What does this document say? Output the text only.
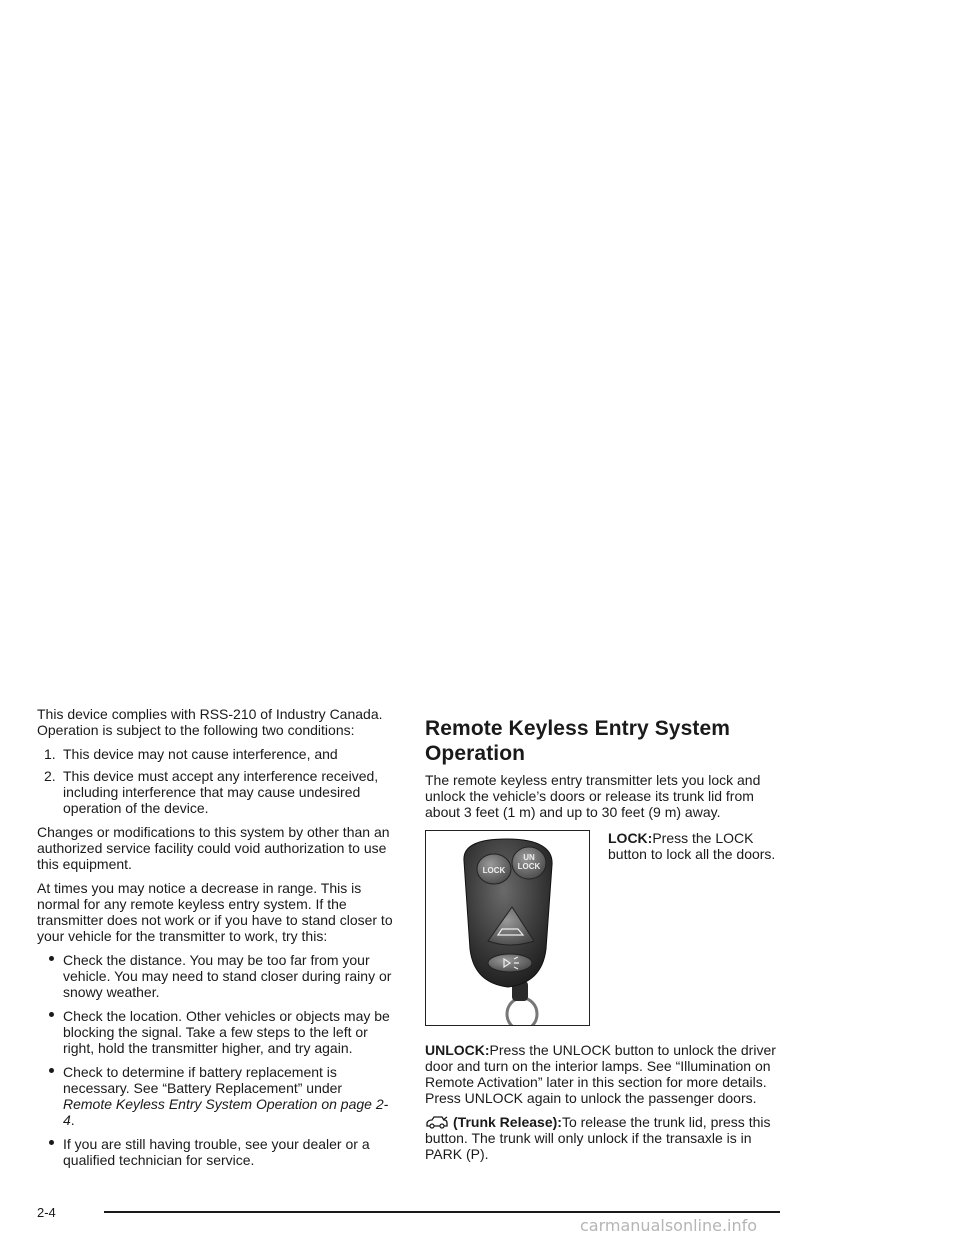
This device complies with RSS-210 of Industry Canada. Operation is subject to the following two conditions:

1. This device may not cause interference, and
2. This device must accept any interference received, including interference that may cause undesired operation of the device.

Changes or modifications to this system by other than an authorized service facility could void authorization to use this equipment.

At times you may notice a decrease in range. This is normal for any remote keyless entry system. If the transmitter does not work or if you have to stand closer to your vehicle for the transmitter to work, try this:

Check the distance. You may be too far from your vehicle. You may need to stand closer during rainy or snowy weather.
Check the location. Other vehicles or objects may be blocking the signal. Take a few steps to the left or right, hold the transmitter higher, and try again.
Check to determine if battery replacement is necessary. See “Battery Replacement” under Remote Keyless Entry System Operation on page 2-4.
If you are still having trouble, see your dealer or a qualified technician for service.
Remote Keyless Entry System Operation

The remote keyless entry transmitter lets you lock and unlock the vehicle’s doors or release its trunk lid from about 3 feet (1 m) and up to 30 feet (9 m) away.

LOCK
UN
LOCK
LOCK:Press the LOCK button to lock all the doors.

UNLOCK:Press the UNLOCK button to unlock the driver door and turn on the interior lamps. See “Illumination on Remote Activation” later in this section for more details. Press UNLOCK again to unlock the passenger doors.

(Trunk Release):To release the trunk lid, press this button. The trunk will only unlock if the transaxle is in PARK (P).

2-4
carmanualsonline.info
